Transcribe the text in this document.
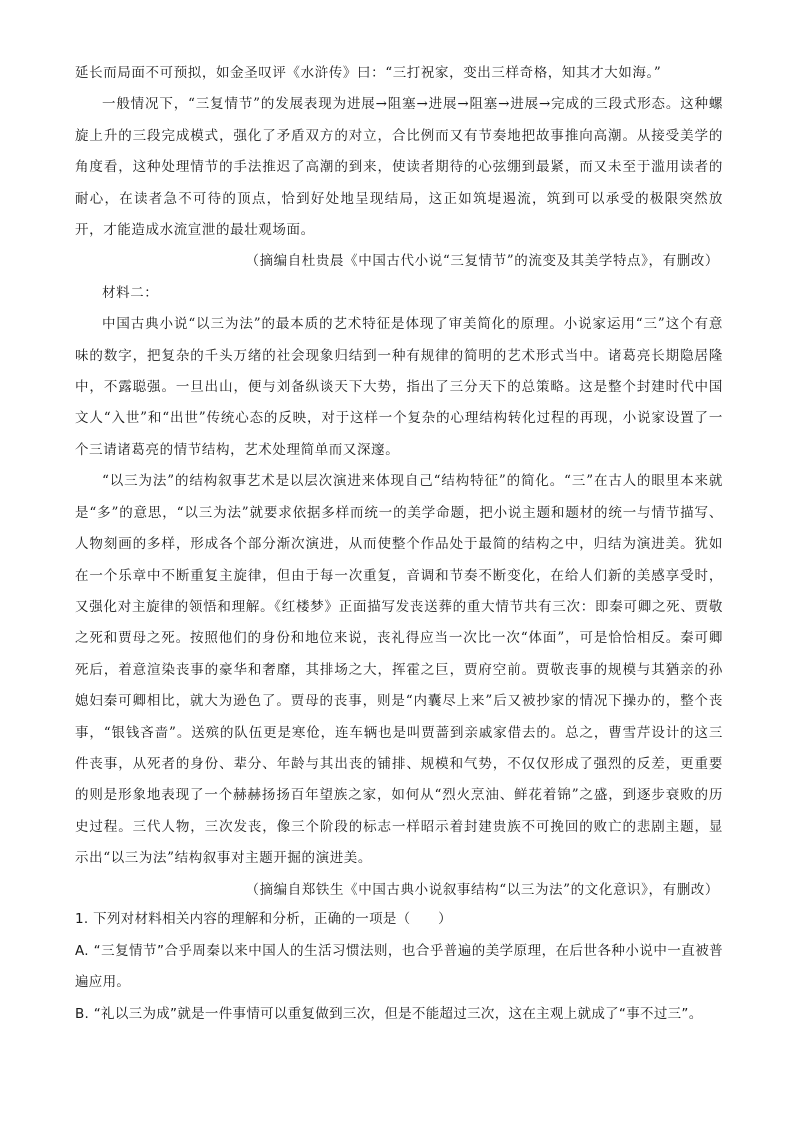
延长而局面不可预拟，如金圣叹评《水浒传》曰：“三打祝家，变出三样奇格，知其才大如海。”

一般情况下，“三复情节”的发展表现为进展→阻塞→进展→阻塞→进展→完成的三段式形态。这种螺旋上升的三段完成模式，强化了矛盾双方的对立，合比例而又有节奏地把故事推向高潮。从接受美学的角度看，这种处理情节的手法推迟了高潮的到来，使读者期待的心弦绷到最紧，而又未至于滥用读者的耐心，在读者急不可待的顶点，恰到好处地呈现结局，这正如筑堤遏流，筑到可以承受的极限突然放开，才能造成水流宣泄的最壮观场面。

（摘编自杜贵晨《中国古代小说“三复情节”的流变及其美学特点》，有删改）

材料二：

中国古典小说“以三为法”的最本质的艺术特征是体现了审美简化的原理。小说家运用“三”这个有意味的数字，把复杂的千头万绪的社会现象归结到一种有规律的简明的艺术形式当中。诸葛亮长期隐居隆中，不露聪强。一旦出山，便与刘备纵谈天下大势，指出了三分天下的总策略。这是整个封建时代中国文人“入世”和“出世”传统心态的反映，对于这样一个复杂的心理结构转化过程的再现，小说家设置了一个三请诸葛亮的情节结构，艺术处理简单而又深邃。

“以三为法”的结构叙事艺术是以层次演进来体现自己“结构特征”的简化。“三”在古人的眼里本来就是“多”的意思，“以三为法”就要求依据多样而统一的美学命题，把小说主题和题材的统一与情节描写、人物刻画的多样，形成各个部分渐次演进，从而使整个作品处于最简的结构之中，归结为演进美。犹如在一个乐章中不断重复主旋律，但由于每一次重复，音调和节奏不断变化，在给人们新的美感享受时，又强化对主旋律的领悟和理解。《红楼梦》正面描写发丧送葬的重大情节共有三次：即秦可卿之死、贾敬之死和贾母之死。按照他们的身份和地位来说，丧礼得应当一次比一次“体面”，可是恰恰相反。秦可卿死后，着意渲染丧事的豪华和奢靡，其排场之大，挥霍之巨，贾府空前。贾敬丧事的规模与其猶亲的孙媳妇秦可卿相比，就大为逊色了。贾母的丧事，则是“内囊尽上来”后又被抄家的情况下操办的，整个丧事，“银钱吝啬”。送殡的队伍更是寒伧，连车辆也是叫贾蔷到亲戚家借去的。总之，曹雪芹设计的这三件丧事，从死者的身份、辈分、年龄与其出丧的铺排、规模和气势，不仅仅形成了强烈的反差，更重要的则是形象地表现了一个赫赫扬扬百年望族之家，如何从“烈火烹油、鲜花着锦”之盛，到逐步衰败的历史过程。三代人物，三次发丧，像三个阶段的标志一样昭示着封建贵族不可挽回的败亡的悲剧主题，显示出“以三为法”结构叙事对主题开掘的演进美。

（摘编自郑铁生《中国古典小说叙事结构“以三为法”的文化意识》，有删改）

1. 下列对材料相关内容的理解和分析，正确的一项是（　　）

A. “三复情节”合乎周秦以来中国人的生活习惯法则，也合乎普遍的美学原理，在后世各种小说中一直被普遍应用。

B. “礼以三为成”就是一件事情可以重复做到三次，但是不能超过三次，这在主观上就成了“事不过三”。
